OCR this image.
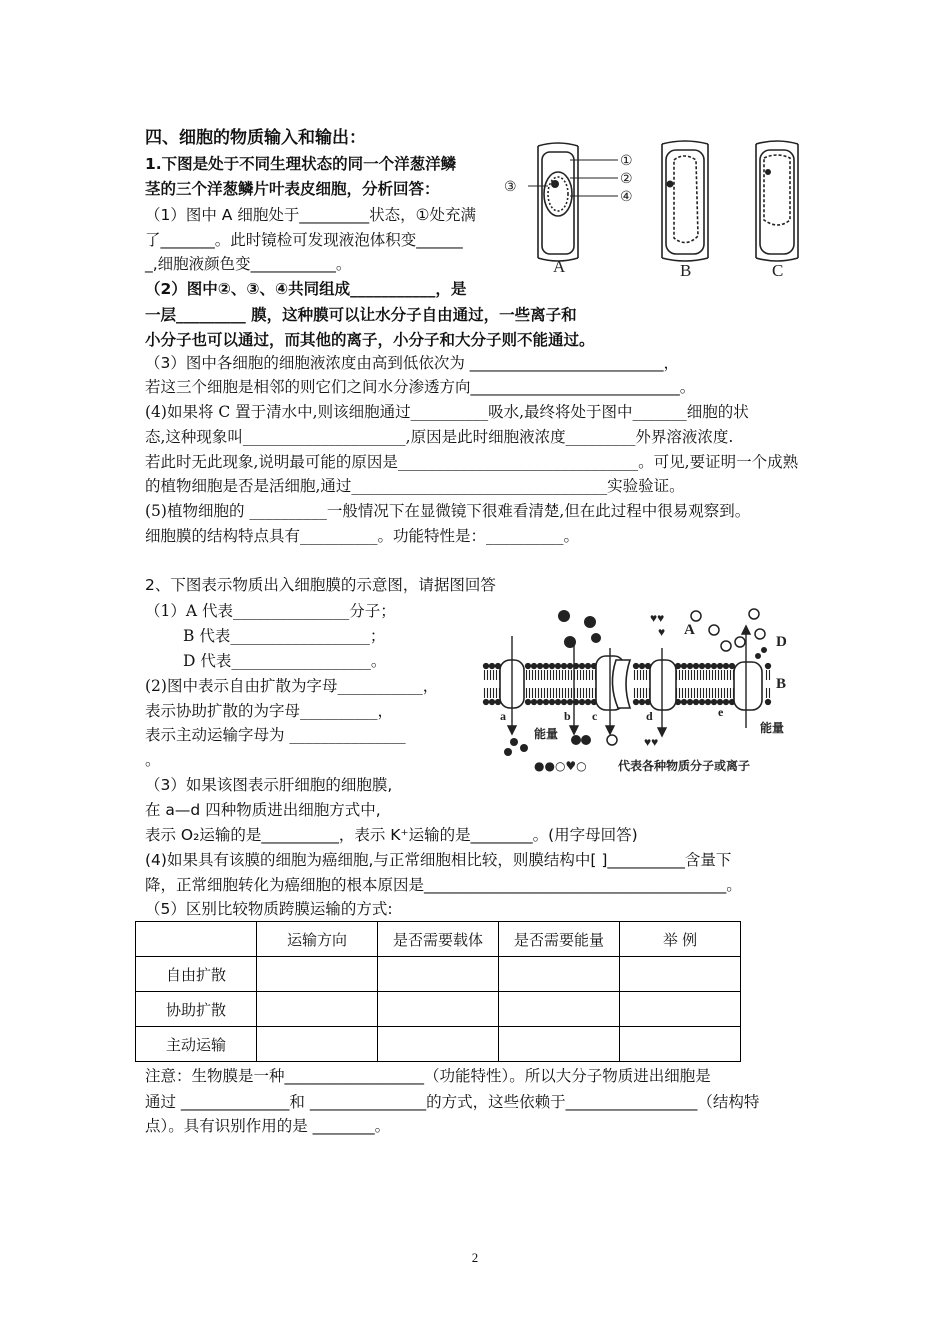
四、细胞的物质输入和输出：
1.下图是处于不同生理状态的同一个洋葱洋鳞
茎的三个洋葱鳞片叶表皮细胞，分析回答：
（1）图中 A 细胞处于_________状态，①处充满
了_______。此时镜检可发现液泡体积变______
_,细胞液颜色变___________。
（2）图中②、③、④共同组成___________，是
一层_________ 膜，这种膜可以让水分子自由通过，一些离子和
小分子也可以通过，而其他的离子，小分子和大分子则不能通过。
（3）图中各细胞的细胞液浓度由高到低依次为 _________________________，
若这三个细胞是相邻的则它们之间水分渗透方向___________________________。
(4)如果将 C 置于清水中,则该细胞通过__________吸水,最终将处于图中_______细胞的状
态,这种现象叫_____________________,原因是此时细胞液浓度_________外界溶液浓度.
若此时无此现象,说明最可能的原因是_______________________________。可见,要证明一个成熟
的植物细胞是否是活细胞,通过_________________________________实验验证。
(5)植物细胞的 __________一般情况下在显微镜下很难看清楚,但在此过程中很易观察到。
细胞膜的结构特点具有__________。功能特性是：__________。
①
②
④
③
A	B	C
2、下图表示物质出入细胞膜的示意图，请据图回答
（1）A 代表_______________分子；
B 代表__________________；
D 代表__________________。
(2)图中表示自由扩散为字母___________，
表示协助扩散的为字母__________，
表示主动运输字母为 _______________
。
（3）如果该图表示肝细胞的细胞膜,
在 a—d 四种物质进出细胞方式中,
表示 O₂运输的是__________，表示 K⁺运输的是________。(用字母回答)
(4)如果具有该膜的细胞为癌细胞,与正常细胞相比较，则膜结构中[ ]__________含量下
降，正常细胞转化为癌细胞的根本原因是_______________________________________。
（5）区别比较物质跨膜运输的方式:
♥♥
♥
♥♥
A
B
D
a	b c	d	e
能量	能量
●●○♥○	代表各种物质分子或离子
	运输方向	是否需要载体	是否需要能量	举 例
自由扩散				
协助扩散				
主动运输				
注意：生物膜是一种__________________（功能特性）。所以大分子物质进出细胞是
通过 ______________和 _______________的方式，这些依赖于_________________（结构特
点）。具有识别作用的是 ________。
2
